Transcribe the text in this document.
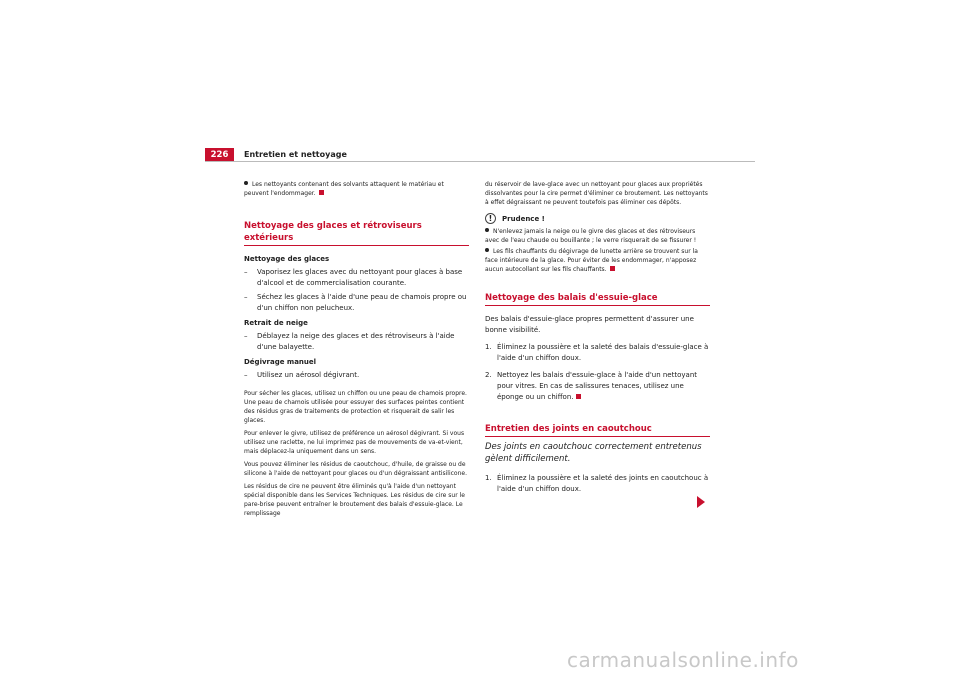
226	Entretien et nettoyage
Les nettoyants contenant des solvants attaquent le matériau et peuvent l'endommager.
Nettoyage des glaces et rétroviseurs extérieurs
Nettoyage des glaces
–	Vaporisez les glaces avec du nettoyant pour glaces à base d'alcool et de commercialisation courante.
–	Séchez les glaces à l'aide d'une peau de chamois propre ou d'un chiffon non pelucheux.
Retrait de neige
–	Déblayez la neige des glaces et des rétroviseurs à l'aide d'une balayette.
Dégivrage manuel
–	Utilisez un aérosol dégivrant.

Pour sécher les glaces, utilisez un chiffon ou une peau de chamois propre. Une peau de chamois utilisée pour essuyer des surfaces peintes contient des résidus gras de traitements de protection et risquerait de salir les glaces.

Pour enlever le givre, utilisez de préférence un aérosol dégivrant. Si vous utilisez une raclette, ne lui imprimez pas de mouvements de va-et-vient, mais déplacez-la uniquement dans un sens.

Vous pouvez éliminer les résidus de caoutchouc, d'huile, de graisse ou de silicone à l'aide de nettoyant pour glaces ou d'un dégraissant antisilicone.

Les résidus de cire ne peuvent être éliminés qu'à l'aide d'un nettoyant spécial disponible dans les Services Techniques. Les résidus de cire sur le pare-brise peuvent entraîner le broutement des balais d'essuie-glace. Le remplissage

du réservoir de lave-glace avec un nettoyant pour glaces aux propriétés dissolvantes pour la cire permet d'éliminer ce broutement. Les nettoyants à effet dégraissant ne peuvent toutefois pas éliminer ces dépôts.

!	Prudence !
N'enlevez jamais la neige ou le givre des glaces et des rétroviseurs avec de l'eau chaude ou bouillante ; le verre risquerait de se fissurer !
Les fils chauffants du dégivrage de lunette arrière se trouvent sur la face intérieure de la glace. Pour éviter de les endommager, n'apposez aucun autocollant sur les fils chauffants.
Nettoyage des balais d'essuie-glace

Des balais d'essuie-glace propres permettent d'assurer une bonne visibilité.

1. Éliminez la poussière et la saleté des balais d'essuie-glace à l'aide d'un chiffon doux.
2. Nettoyez les balais d'essuie-glace à l'aide d'un nettoyant pour vitres. En cas de salissures tenaces, utilisez une éponge ou un chiffon.
Entretien des joints en caoutchouc

Des joints en caoutchouc correctement entretenus gèlent difficilement.

1. Éliminez la poussière et la saleté des joints en caoutchouc à l'aide d'un chiffon doux.
carmanualsonline.info
